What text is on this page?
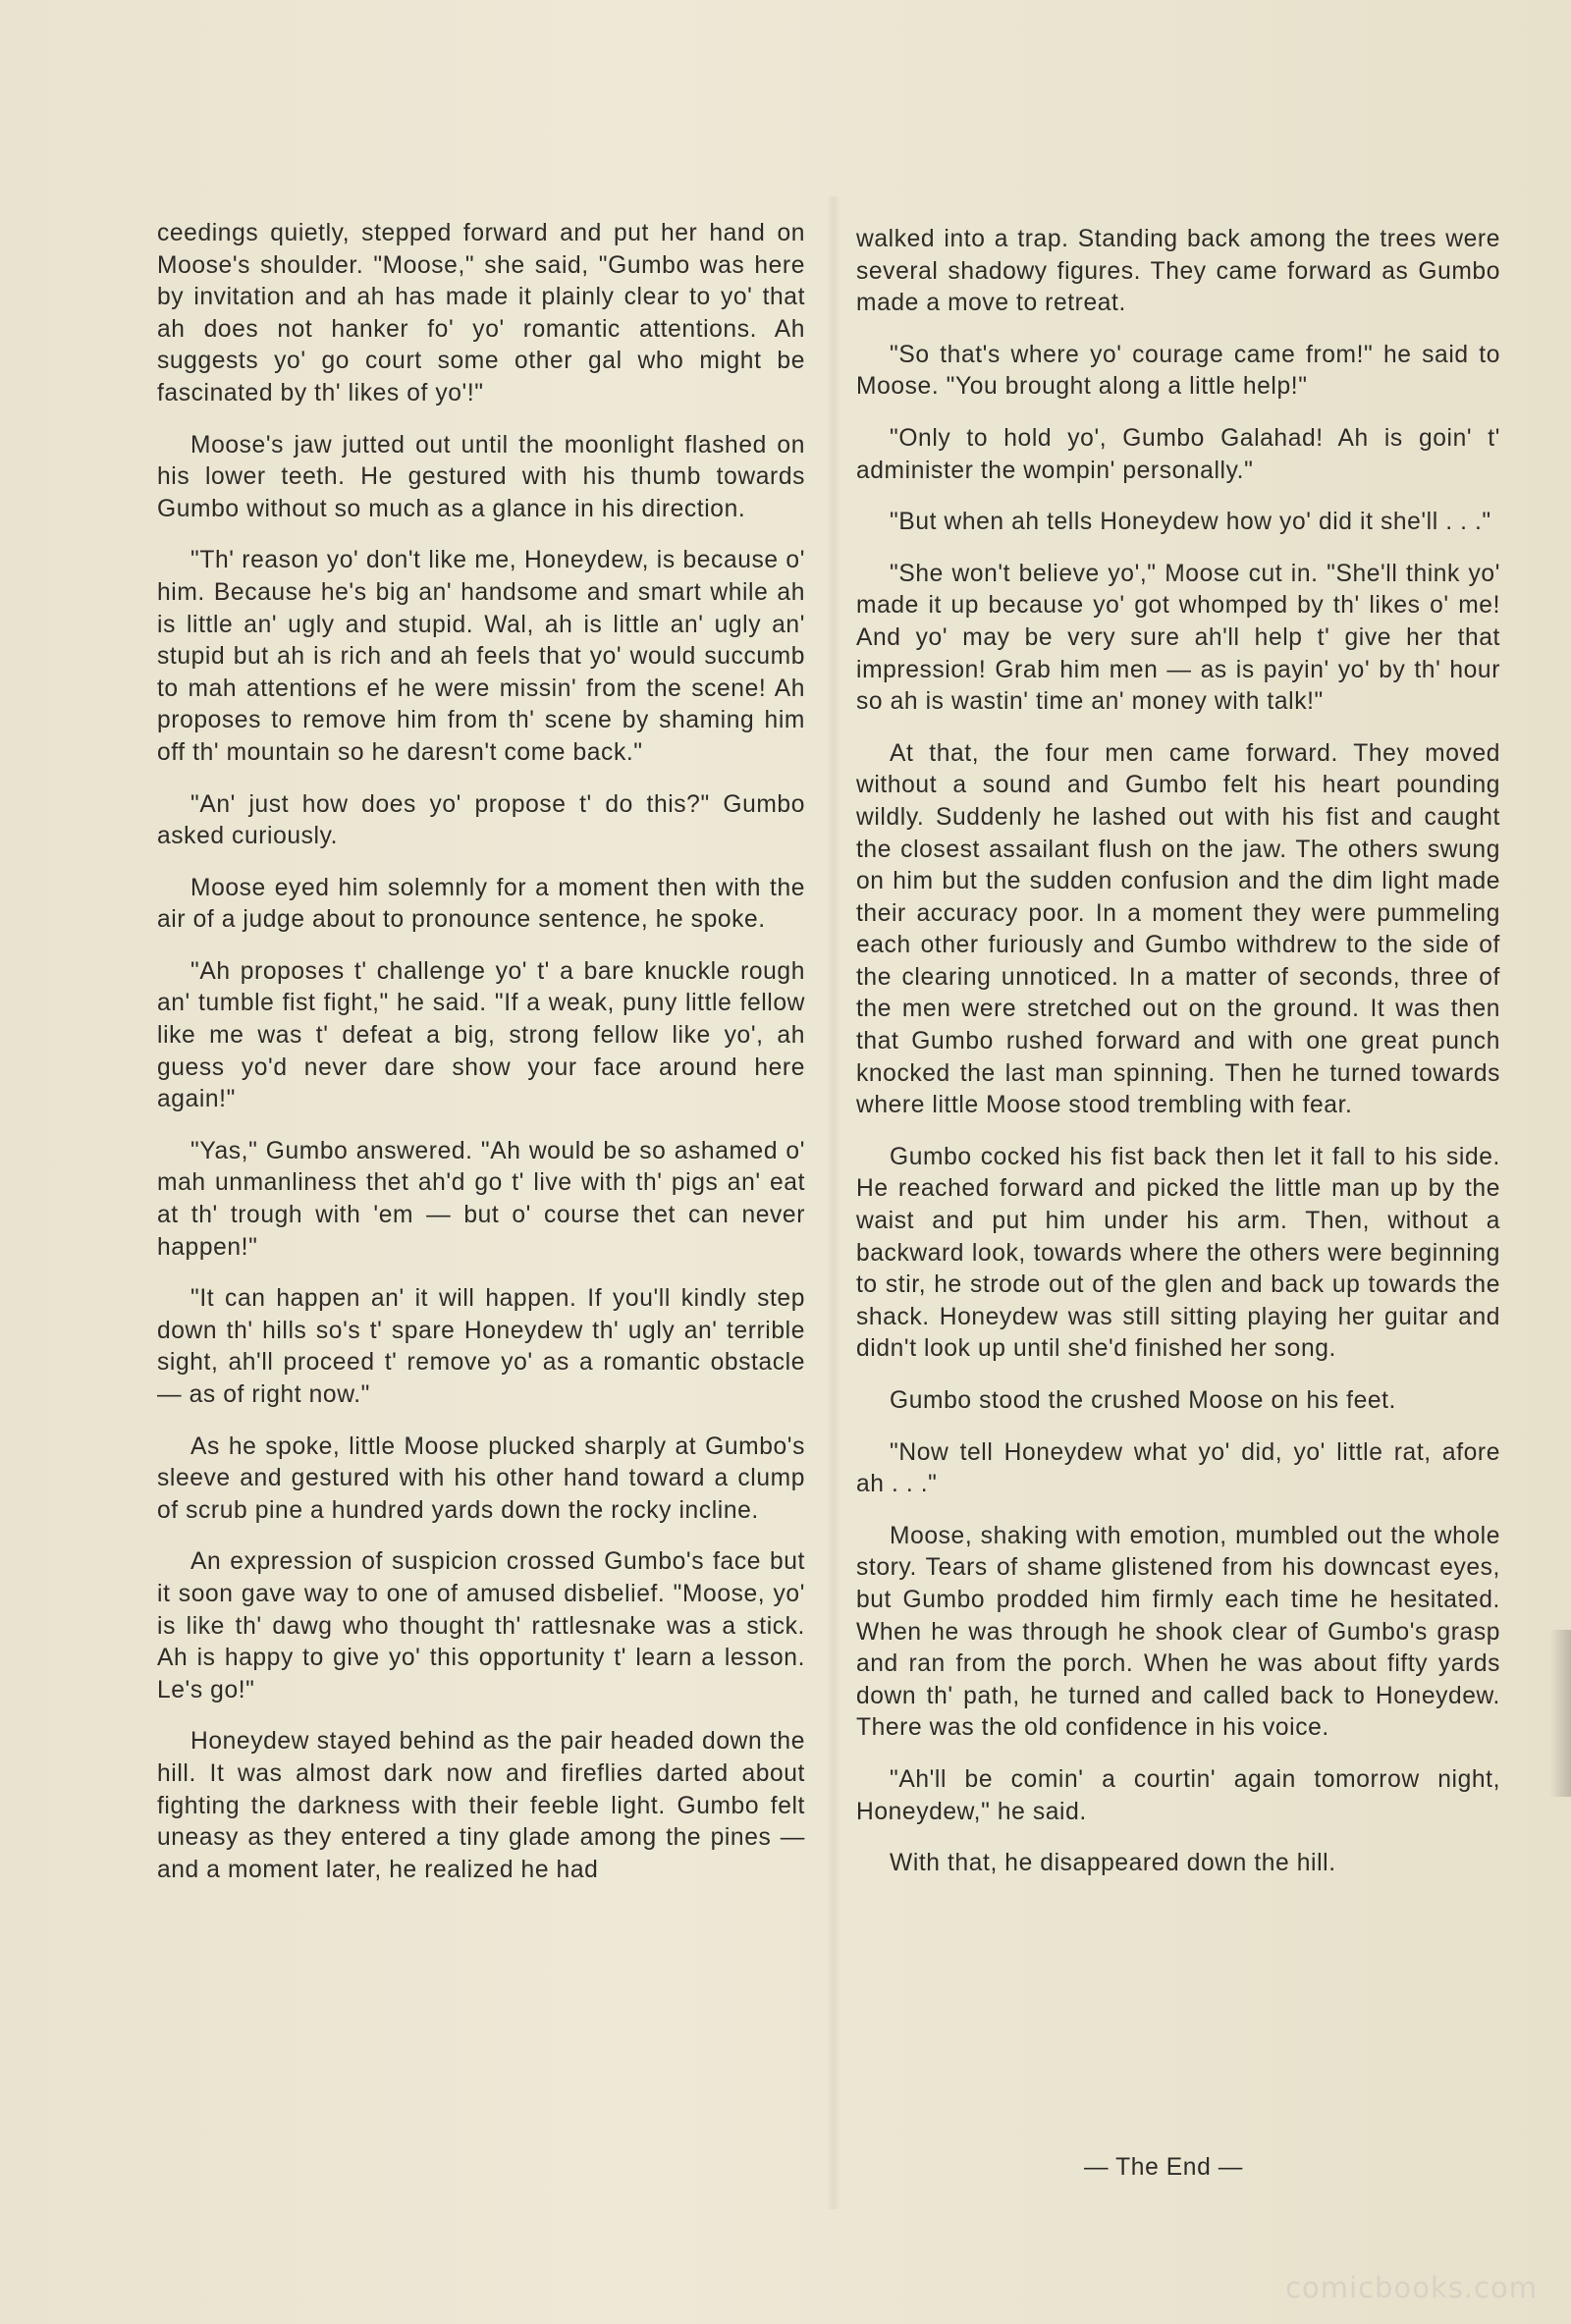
ceedings quietly, stepped forward and put her hand on Moose's shoulder. "Moose," she said, "Gumbo was here by invitation and ah has made it plainly clear to yo' that ah does not hanker fo' yo' romantic attentions. Ah suggests yo' go court some other gal who might be fascinated by th' likes of yo'!"

Moose's jaw jutted out until the moonlight flashed on his lower teeth. He gestured with his thumb towards Gumbo without so much as a glance in his direction.

"Th' reason yo' don't like me, Honeydew, is because o' him. Because he's big an' handsome and smart while ah is little an' ugly and stupid. Wal, ah is little an' ugly an' stupid but ah is rich and ah feels that yo' would succumb to mah attentions ef he were missin' from the scene! Ah proposes to remove him from th' scene by shaming him off th' mountain so he daresn't come back."

"An' just how does yo' propose t' do this?" Gumbo asked curiously.

Moose eyed him solemnly for a moment then with the air of a judge about to pronounce sentence, he spoke.

"Ah proposes t' challenge yo' t' a bare knuckle rough an' tumble fist fight," he said. "If a weak, puny little fellow like me was t' defeat a big, strong fellow like yo', ah guess yo'd never dare show your face around here again!"

"Yas," Gumbo answered. "Ah would be so ashamed o' mah unmanliness thet ah'd go t' live with th' pigs an' eat at th' trough with 'em — but o' course thet can never happen!"

"It can happen an' it will happen. If you'll kindly step down th' hills so's t' spare Honeydew th' ugly an' terrible sight, ah'll proceed t' remove yo' as a romantic obstacle — as of right now."

As he spoke, little Moose plucked sharply at Gumbo's sleeve and gestured with his other hand toward a clump of scrub pine a hundred yards down the rocky incline.

An expression of suspicion crossed Gumbo's face but it soon gave way to one of amused disbelief. "Moose, yo' is like th' dawg who thought th' rattlesnake was a stick. Ah is happy to give yo' this opportunity t' learn a lesson. Le's go!"

Honeydew stayed behind as the pair headed down the hill. It was almost dark now and fireflies darted about fighting the darkness with their feeble light. Gumbo felt uneasy as they entered a tiny glade among the pines — and a moment later, he realized he had

walked into a trap. Standing back among the trees were several shadowy figures. They came forward as Gumbo made a move to retreat.

"So that's where yo' courage came from!" he said to Moose. "You brought along a little help!"

"Only to hold yo', Gumbo Galahad! Ah is goin' t' administer the wompin' personally."

"But when ah tells Honeydew how yo' did it she'll . . ."

"She won't believe yo'," Moose cut in. "She'll think yo' made it up because yo' got whomped by th' likes o' me! And yo' may be very sure ah'll help t' give her that impression! Grab him men — as is payin' yo' by th' hour so ah is wastin' time an' money with talk!"

At that, the four men came forward. They moved without a sound and Gumbo felt his heart pounding wildly. Suddenly he lashed out with his fist and caught the closest assailant flush on the jaw. The others swung on him but the sudden confusion and the dim light made their accuracy poor. In a moment they were pummeling each other furiously and Gumbo withdrew to the side of the clearing unnoticed. In a matter of seconds, three of the men were stretched out on the ground. It was then that Gumbo rushed forward and with one great punch knocked the last man spinning. Then he turned towards where little Moose stood trembling with fear.

Gumbo cocked his fist back then let it fall to his side. He reached forward and picked the little man up by the waist and put him under his arm. Then, without a backward look, towards where the others were beginning to stir, he strode out of the glen and back up towards the shack. Honeydew was still sitting playing her guitar and didn't look up until she'd finished her song.

Gumbo stood the crushed Moose on his feet.

"Now tell Honeydew what yo' did, yo' little rat, afore ah . . ."

Moose, shaking with emotion, mumbled out the whole story. Tears of shame glistened from his downcast eyes, but Gumbo prodded him firmly each time he hesitated. When he was through he shook clear of Gumbo's grasp and ran from the porch. When he was about fifty yards down th' path, he turned and called back to Honeydew. There was the old confidence in his voice.

"Ah'll be comin' a courtin' again tomorrow night, Honeydew," he said.

With that, he disappeared down the hill.

— The End —
comicbooks.com
